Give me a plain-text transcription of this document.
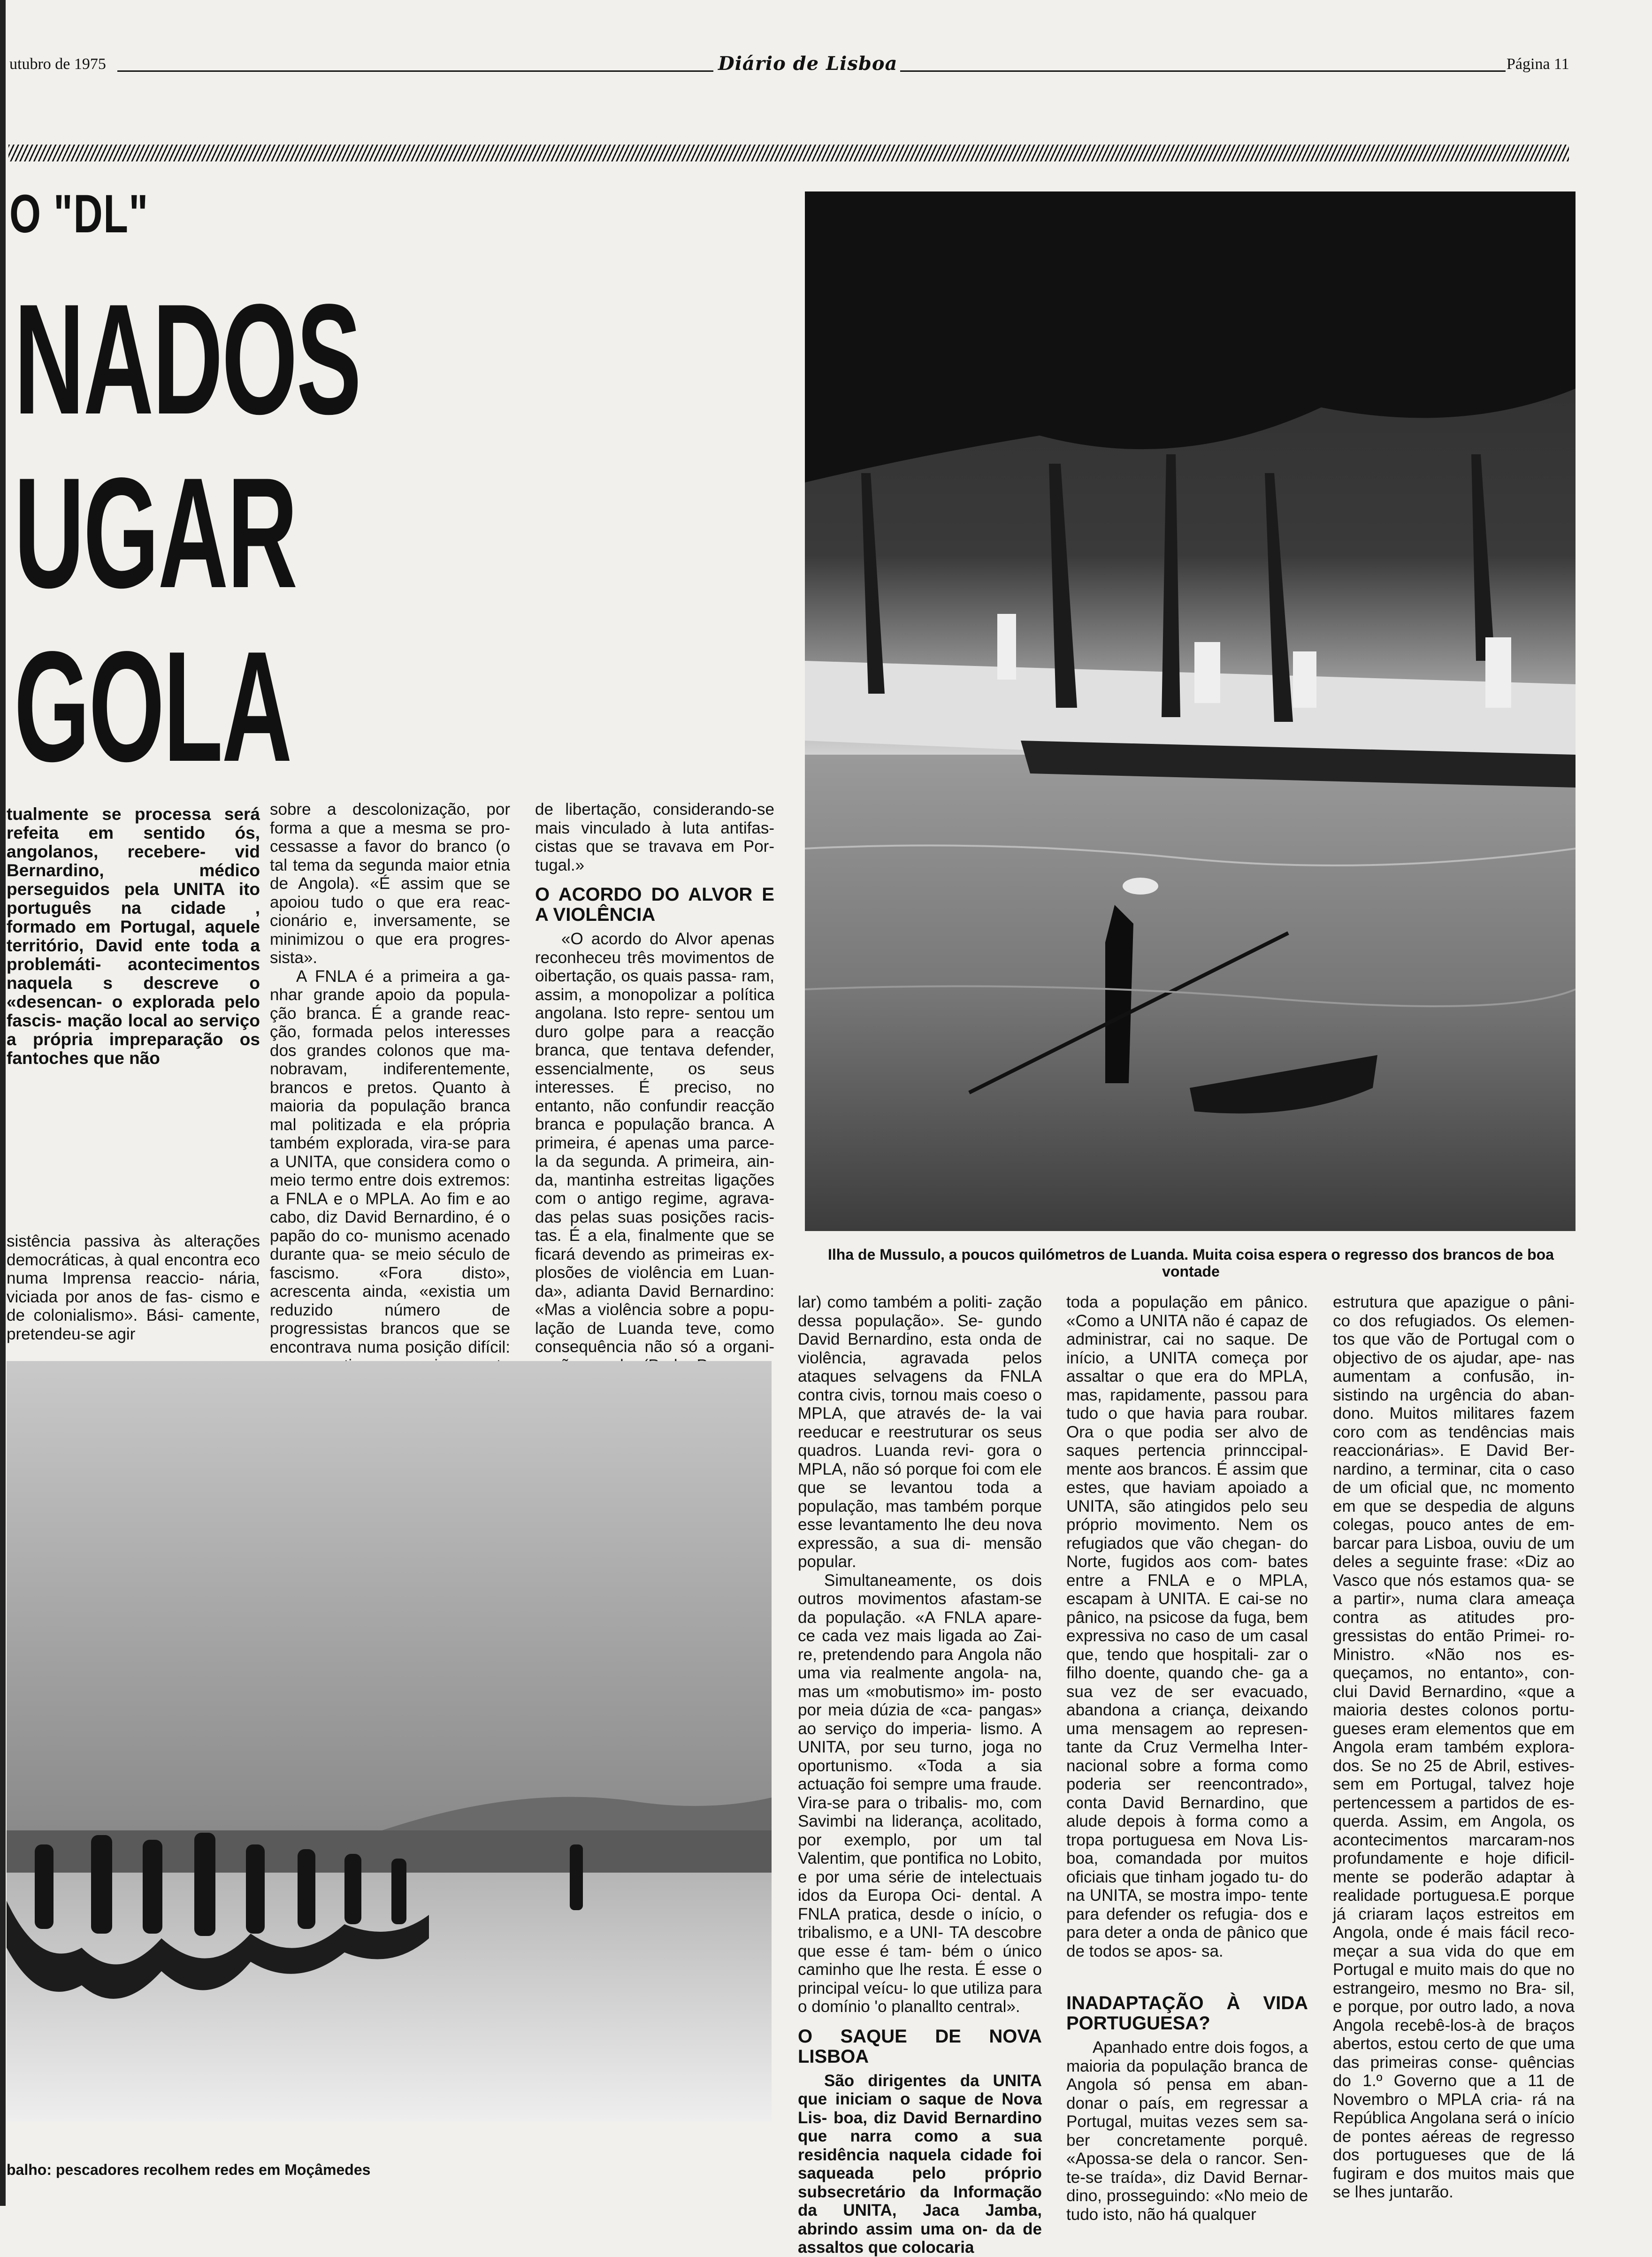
utubro de 1975	Diário de Lisboa	Página 11
O "DL"
NADOS
UGAR
GOLA

tualmente se processa será refeita em sentido ós, angolanos, recebere- vid Bernardino, médico perseguidos pela UNITA ito português na cidade , formado em Portugal, aquele território, David ente toda a problemáti- acontecimentos naquela s descreve o «desencan- o explorada pelo fascis- mação local ao serviço a própria impreparação os fantoches que não

sistência passiva às alterações democráticas, à qual encontra eco numa Imprensa reaccio- nária, viciada por anos de fas- cismo e de colonialismo». Bási- camente, pretendeu-se agir

sobre a descolonização, por forma a que a mesma se pro- cessasse a favor do branco (o tal tema da segunda maior etnia de Angola). «É assim que se apoiou tudo o que era reac- cionário e, inversamente, se minimizou o que era progres- sista».

A FNLA é a primeira a ga- nhar grande apoio da popula- ção branca. É a grande reac- ção, formada pelos interesses dos grandes colonos que ma- nobravam, indiferentemente, brancos e pretos. Quanto à maioria da população branca mal politizada e ela própria também explorada, vira-se para a UNITA, que considera como o meio termo entre dois extremos: a FNLA e o MPLA. Ao fim e ao cabo, diz David Bernardino, é o papão do co- munismo acenado durante qua- se meio século de fascismo. «Fora disto», acrescenta ainda, «existia um reduzido número de progressistas brancos que se encontrava numa posição difícil:

de libertação, considerando-se mais vinculado à luta antifas- cistas que se travava em Por- tugal.»

O ACORDO DO ALVOR E A VIOLÊNCIA

«O acordo do Alvor apenas reconheceu três movimentos de oibertação, os quais passa- ram, assim, a monopolizar a política angolana. Isto repre- sentou um duro golpe para a reacção branca, que tentava defender, essencialmente, os seus interesses. É preciso, no entanto, não confundir reacção branca e população branca. A primeira, é apenas uma parce- la da segunda. A primeira, ain- da, mantinha estreitas ligações com o antigo regime, agrava- das pelas suas posições racis- tas. É a ela, finalmente que se ficará devendo as primeiras ex- plosões de violência em Luan- da», adianta David Bernardino: «Mas a violência sobre a popu- lação de Luanda teve, como consequência não só a organi-

Ilha de Mussulo, a poucos quilómetros de Luanda. Muita coisa espera o regresso dos brancos de boa vontade

lar) como também a politi- zação dessa população». Se- gundo David Bernardino, esta onda de violência, agravada pelos ataques selvagens da FNLA contra civis, tornou mais coeso o MPLA, que através de- la vai reeducar e reestruturar os seus quadros. Luanda revi- gora o MPLA, não só porque foi com ele que se levantou toda a população, mas também porque esse levantamento lhe deu nova expressão, a sua di- mensão popular.

Simultaneamente, os dois outros movimentos afastam-se da população. «A FNLA apare- ce cada vez mais ligada ao Zai- re, pretendendo para Angola não uma via realmente angola- na, mas um «mobutismo» im- posto por meia dúzia de «ca- pangas» ao serviço do imperia- lismo. A UNITA, por seu turno, joga no oportunismo. «Toda a sia actuação foi sempre uma fraude. Vira-se para o tribalis- mo, com Savimbi na liderança, acolitado, por exemplo, por um tal Valentim, que pontifica no Lobito, e por uma série de intelectuais idos da Europa Oci- dental. A FNLA pratica, desde o início, o tribalismo, e a UNI- TA descobre que esse é tam- bém o único caminho que lhe resta. É esse o principal veícu- lo que utiliza para o domínio 'o planallto central».

O SAQUE DE NOVA LISBOA

São dirigentes da UNITA que iniciam o saque de Nova Lis- boa, diz David Bernardino que narra como a sua residência naquela cidade foi saqueada pelo próprio subsecretário da Informação da UNITA, Jaca Jamba, abrindo assim uma on- da de assaltos que colocaria

toda a população em pânico. «Como a UNITA não é capaz de administrar, cai no saque. De início, a UNITA começa por assaltar o que era do MPLA, mas, rapidamente, passou para tudo o que havia para roubar. Ora o que podia ser alvo de saques pertencia prinnccipal- mente aos brancos. É assim que estes, que haviam apoiado a UNITA, são atingidos pelo seu próprio movimento. Nem os refugiados que vão chegan- do Norte, fugidos aos com- bates entre a FNLA e o MPLA, escapam à UNITA. E cai-se no pânico, na psicose da fuga, bem expressiva no caso de um casal que, tendo que hospitali- zar o filho doente, quando che- ga a sua vez de ser evacuado, abandona a criança, deixando uma mensagem ao represen- tante da Cruz Vermelha Inter- nacional sobre a forma como poderia ser reencontrado», conta David Bernardino, que alude depois à forma como a tropa portuguesa em Nova Lis- boa, comandada por muitos oficiais que tinham jogado tu- do na UNITA, se mostra impo- tente para defender os refugia- dos e para deter a onda de pânico que de todos se apos- sa.

INADAPTAÇÃO À VIDA PORTUGUESA?

Apanhado entre dois fogos, a maioria da população branca de Angola só pensa em aban- donar o país, em regressar a Portugal, muitas vezes sem sa- ber concretamente porquê. «Apossa-se dela o rancor. Sen- te-se traída», diz David Bernar- dino, prosseguindo: «No meio de tudo isto, não há qualquer

estrutura que apazigue o pâni- co dos refugiados. Os elemen- tos que vão de Portugal com o objectivo de os ajudar, ape- nas aumentam a confusão, in- sistindo na urgência do aban- dono. Muitos militares fazem coro com as tendências mais reaccionárias». E David Ber- nardino, a terminar, cita o caso de um oficial que, nc momento em que se despedia de alguns colegas, pouco antes de em- barcar para Lisboa, ouviu de um deles a seguinte frase: «Diz ao Vasco que nós estamos qua- se a partir», numa clara ameaça contra as atitudes pro- gressistas do então Primei- ro-Ministro. «Não nos es- queçamos, no entanto», con- clui David Bernardino, «que a maioria destes colonos portu- gueses eram elementos que em Angola eram também explora- dos. Se no 25 de Abril, estives- sem em Portugal, talvez hoje pertencessem a partidos de es- querda. Assim, em Angola, os acontecimentos marcaram-nos profundamente e hoje dificil- mente se poderão adaptar à realidade portuguesa.E porque já criaram laços estreitos em Angola, onde é mais fácil reco- meçar a sua vida do que em Portugal e muito mais do que no estrangeiro, mesmo no Bra- sil, e porque, por outro lado, a nova Angola recebê-los-à de braços abertos, estou certo de que uma das primeiras conse- quências do 1.º Governo que a 11 de Novembro o MPLA cria- rá na República Angolana será o início de pontes aéreas de regresso dos portugueses que de lá fugiram e dos muitos mais que se lhes juntarão.

balho: pescadores recolhem redes em Moçâmedes
